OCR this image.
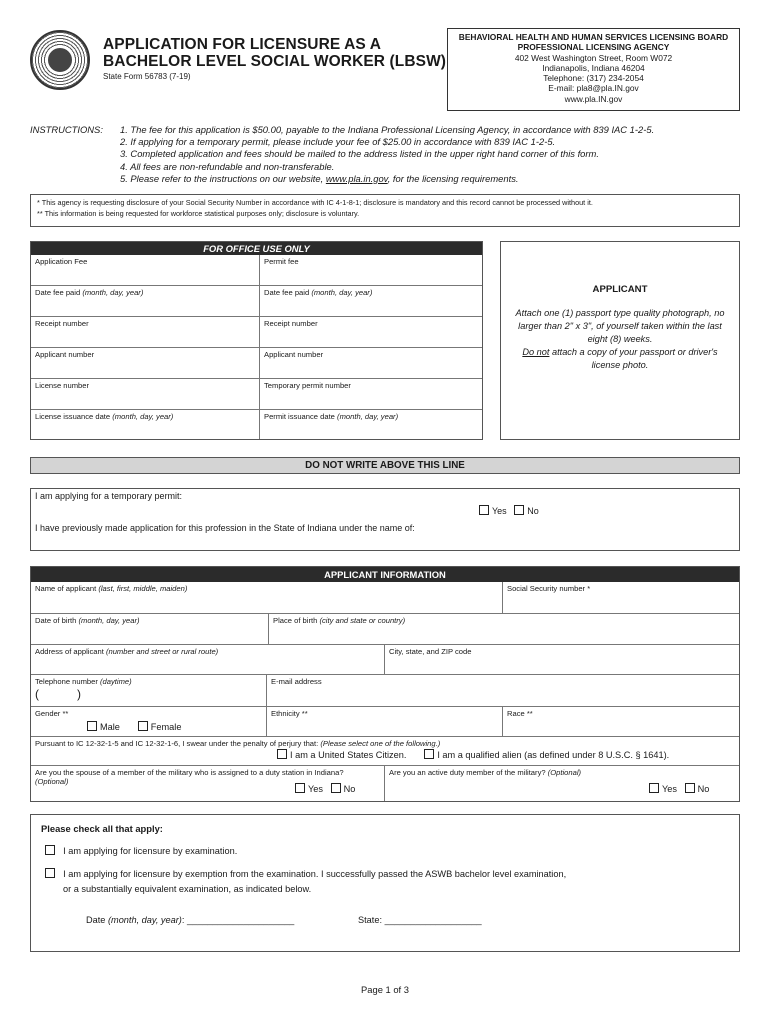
APPLICATION FOR LICENSURE AS A
BACHELOR LEVEL SOCIAL WORKER (LBSW)
State Form 56783 (7-19)
BEHAVIORAL HEALTH AND HUMAN SERVICES LICENSING BOARD
PROFESSIONAL LICENSING AGENCY
402 West Washington Street, Room W072
Indianapolis, Indiana 46204
Telephone: (317) 234-2054
E-mail: pla8@pla.IN.gov
www.pla.IN.gov
INSTRUCTIONS: 1. The fee for this application is $50.00, payable to the Indiana Professional Licensing Agency, in accordance with 839 IAC 1-2-5.
2. If applying for a temporary permit, please include your fee of $25.00 in accordance with 839 IAC 1-2-5.
3. Completed application and fees should be mailed to the address listed in the upper right hand corner of this form.
4. All fees are non-refundable and non-transferable.
5. Please refer to the instructions on our website, www.pla.in.gov, for the licensing requirements.
* This agency is requesting disclosure of your Social Security Number in accordance with IC 4-1-8-1; disclosure is mandatory and this record cannot be processed without it.
** This information is being requested for workforce statistical purposes only; disclosure is voluntary.
FOR OFFICE USE ONLY
Application Fee	Permit fee
Date fee paid (month, day, year)	Date fee paid (month, day, year)
Receipt number	Receipt number
Applicant number	Applicant number
License number	Temporary permit number
License issuance date (month, day, year)	Permit issuance date (month, day, year)
APPLICANT
Attach one (1) passport type quality photograph, no larger than 2" x 3", of yourself taken within the last eight (8) weeks.
Do not attach a copy of your passport or driver's license photo.
DO NOT WRITE ABOVE THIS LINE
I am applying for a temporary permit:
Yes No
I have previously made application for this profession in the State of Indiana under the name of:
APPLICANT INFORMATION
Name of applicant (last, first, middle, maiden)	Social Security number *
Date of birth (month, day, year)	Place of birth (city and state or country)
Address of applicant (number and street or rural route)	City, state, and ZIP code
Telephone number (daytime)
(	)
E-mail address
Gender **
Male	Female
Ethnicity **	Race **
Pursuant to IC 12-32-1-5 and IC 12-32-1-6, I swear under the penalty of perjury that: (Please select one of the following.)
I am a United States Citizen.	I am a qualified alien (as defined under 8 U.S.C. § 1641).
Are you the spouse of a member of the military who is assigned to a duty station in Indiana?
(Optional)
Yes No
Are you an active duty member of the military? (Optional)
Yes No
Please check all that apply:
I am applying for licensure by examination.
I am applying for licensure by exemption from the examination. I successfully passed the ASWB bachelor level examination,
or a substantially equivalent examination, as indicated below.
Date (month, day, year): _____________________	State: ___________________
Page 1 of 3
